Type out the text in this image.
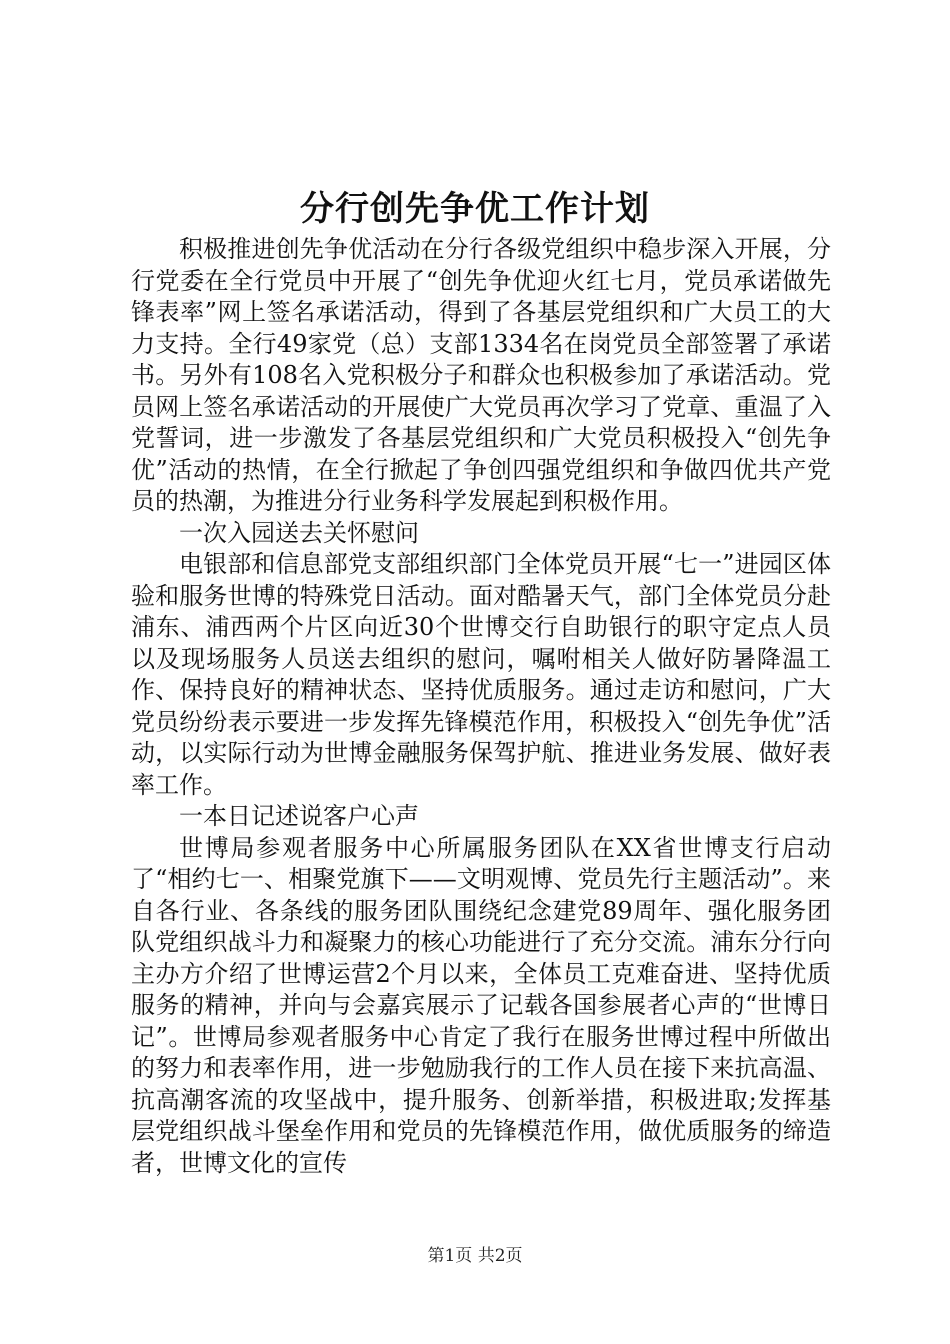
分行创先争优工作计划

积极推进创先争优活动在分行各级党组织中稳步深入开展，分行党委在全行党员中开展了“创先争优迎火红七月，党员承诺做先锋表率”网上签名承诺活动，得到了各基层党组织和广大员工的大力支持。全行49家党（总）支部1334名在岗党员全部签署了承诺书。另外有108名入党积极分子和群众也积极参加了承诺活动。党员网上签名承诺活动的开展使广大党员再次学习了党章、重温了入党誓词，进一步激发了各基层党组织和广大党员积极投入“创先争优”活动的热情，在全行掀起了争创四强党组织和争做四优共产党员的热潮，为推进分行业务科学发展起到积极作用。

一次入园送去关怀慰问

电银部和信息部党支部组织部门全体党员开展“七一”进园区体验和服务世博的特殊党日活动。面对酷暑天气，部门全体党员分赴浦东、浦西两个片区向近30个世博交行自助银行的职守定点人员以及现场服务人员送去组织的慰问，嘱咐相关人做好防暑降温工作、保持良好的精神状态、坚持优质服务。通过走访和慰问，广大党员纷纷表示要进一步发挥先锋模范作用，积极投入“创先争优”活动，以实际行动为世博金融服务保驾护航、推进业务发展、做好表率工作。

一本日记述说客户心声

世博局参观者服务中心所属服务团队在XX省世博支行启动了“相约七一、相聚党旗下——文明观博、党员先行主题活动”。来自各行业、各条线的服务团队围绕纪念建党89周年、强化服务团队党组织战斗力和凝聚力的核心功能进行了充分交流。浦东分行向主办方介绍了世博运营2个月以来，全体员工克难奋进、坚持优质服务的精神，并向与会嘉宾展示了记载各国参展者心声的“世博日记”。世博局参观者服务中心肯定了我行在服务世博过程中所做出的努力和表率作用，进一步勉励我行的工作人员在接下来抗高温、抗高潮客流的攻坚战中，提升服务、创新举措，积极进取;发挥基层党组织战斗堡垒作用和党员的先锋模范作用，做优质服务的缔造者，世博文化的宣传

第1页 共2页
